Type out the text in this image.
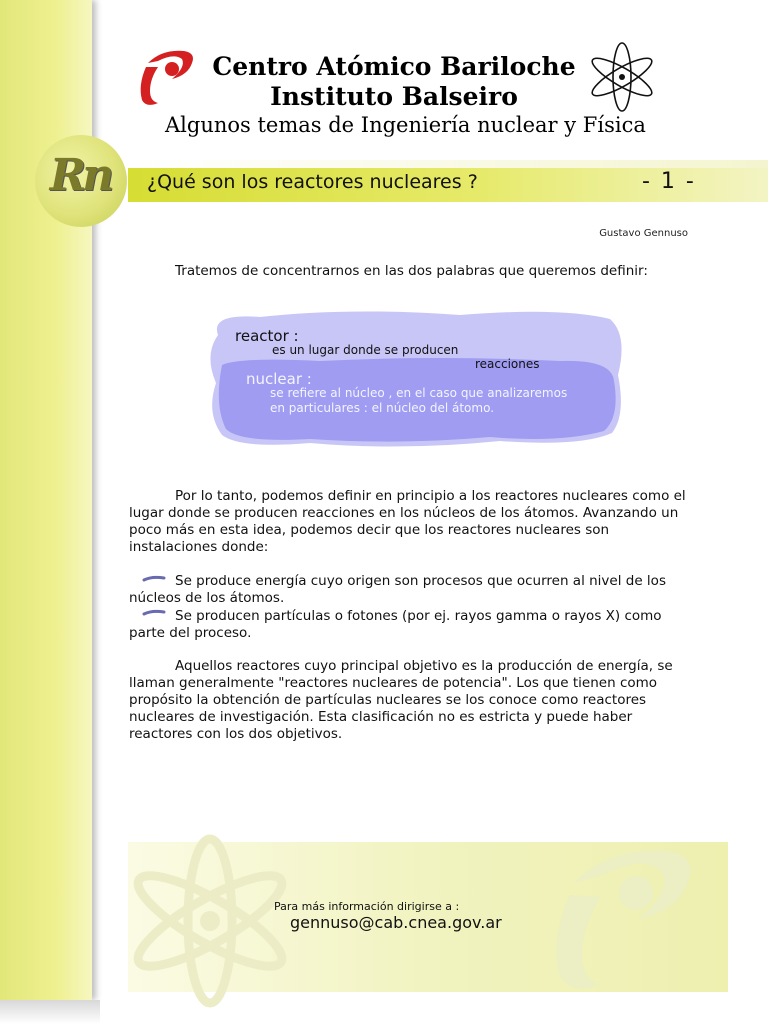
Centro Atómico Bariloche
Instituto Balseiro
Algunos temas de Ingeniería nuclear y Física
Rn	¿Qué son los reactores nucleares ?	- 1 -
Gustavo Gennuso
Tratemos de concentrarnos en las dos palabras que queremos definir:
reactor :
es un lugar donde se producen
reacciones
nuclear :
se refiere al núcleo , en el caso que analizaremos
en particulares : el núcleo del átomo.
Por lo tanto, podemos definir en principio a los reactores nucleares como el lugar donde se producen reacciones en los núcleos de los átomos. Avanzando un poco más en esta idea, podemos decir que los reactores nucleares son instalaciones donde:
Se produce energía cuyo origen son procesos que ocurren al nivel de los núcleos de los átomos.
Se producen partículas o fotones (por ej. rayos gamma o rayos X) como parte del proceso.
Aquellos reactores cuyo principal objetivo es la producción de energía, se llaman generalmente "reactores nucleares de potencia". Los que tienen como propósito la obtención de partículas nucleares se los conoce como reactores nucleares de investigación. Esta clasificación no es estricta y puede haber reactores con los dos objetivos.
Para más información dirigirse a :
gennuso@cab.cnea.gov.ar
